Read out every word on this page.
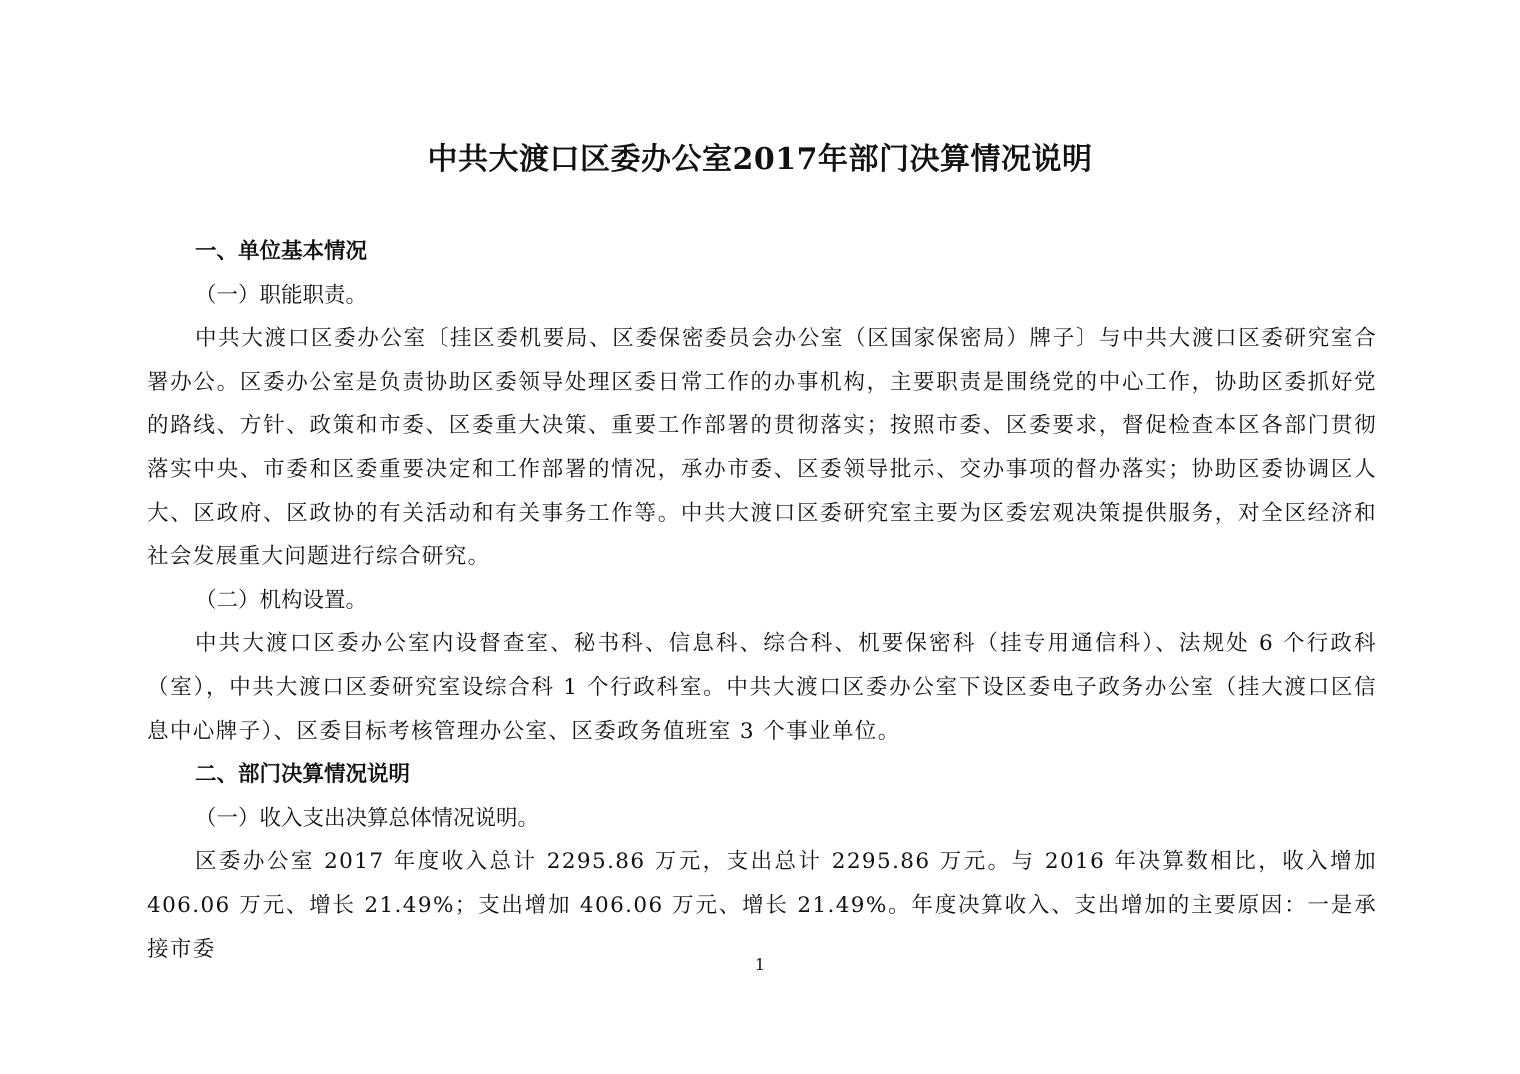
中共大渡口区委办公室2017年部门决算情况说明
一、单位基本情况
（一）职能职责。
中共大渡口区委办公室〔挂区委机要局、区委保密委员会办公室（区国家保密局）牌子〕与中共大渡口区委研究室合署办公。区委办公室是负责协助区委领导处理区委日常工作的办事机构，主要职责是围绕党的中心工作，协助区委抓好党的路线、方针、政策和市委、区委重大决策、重要工作部署的贯彻落实；按照市委、区委要求，督促检查本区各部门贯彻落实中央、市委和区委重要决定和工作部署的情况，承办市委、区委领导批示、交办事项的督办落实；协助区委协调区人大、区政府、区政协的有关活动和有关事务工作等。中共大渡口区委研究室主要为区委宏观决策提供服务，对全区经济和社会发展重大问题进行综合研究。
（二）机构设置。
中共大渡口区委办公室内设督查室、秘书科、信息科、综合科、机要保密科（挂专用通信科）、法规处 6 个行政科（室），中共大渡口区委研究室设综合科 1 个行政科室。中共大渡口区委办公室下设区委电子政务办公室（挂大渡口区信息中心牌子）、区委目标考核管理办公室、区委政务值班室 3 个事业单位。
二、部门决算情况说明
（一）收入支出决算总体情况说明。
区委办公室 2017 年度收入总计 2295.86 万元，支出总计 2295.86 万元。与 2016 年决算数相比，收入增加 406.06 万元、增长 21.49%；支出增加 406.06 万元、增长 21.49%。年度决算收入、支出增加的主要原因：一是承接市委
1
